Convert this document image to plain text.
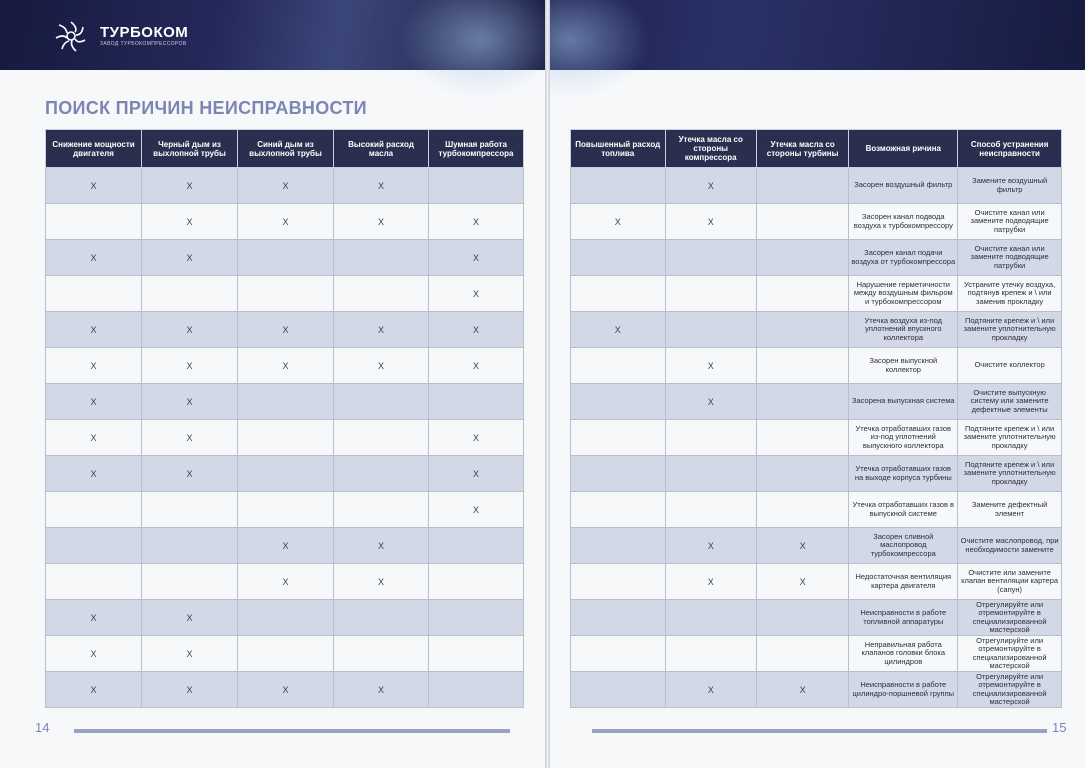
ТУРБОКОМ
ЗАВОД ТУРБОКОМПРЕССОРОВ
ПОИСК ПРИЧИН НЕИСПРАВНОСТИ
Снижение мощности двигателя	Черный дым из выхлопной трубы	Синий дым из выхлопной трубы	Высокий расход масла	Шумная работа турбокомпрессора
X	X	X	X	
	X	X	X	X
X	X			X
				X
X	X	X	X	X
X	X	X	X	X
X	X			
X	X			X
X	X			X
				X
		X	X	
		X	X	
X	X			
X	X			
X	X	X	X	
14
Повышенный расход топлива	Утечка масла со стороны компрессора	Утечка масла со стороны турбины	Возможная ричина	Способ устранения неисправности
	X		Засорен воздушный фильтр	Замените воздушный фильтр
X	X		Засорен канал подвода воздуха к турбокомпрессору	Очистите канал или замените подводящие патрубки
			Засорен канал подачи воздуха от турбокомпрессора	Очистите канал или замените подводящие патрубки
			Нарушение герметичности между воздушным фильром и турбокомпрессором	Устраните утечку воздуха, подтянув крепеж и \ или заменив прокладку
X			Утечка воздуха из-под уплотнений впускного коллектора	Подтяните крепеж и \ или замените уплотнительную прокладку
	X		Засорен выпускной коллектор	Очистите коллектор
	X		Засорена выпускная система	Очистите выпускную систему или замените дефектные элементы
			Утечка отработавших газов из-под уплотнений выпускного коллектора	Подтяните крепеж и \ или замените уплотнительную прокладку
			Утечка отработавших газов на выходе корпуса турбины	Подтяните крепеж и \ или замените уплотнительную прокладку
			Утечка отработавших газов в выпускной системе	Замените дефектный элемент
	X	X	Засорен сливной маслопровод турбокомпрессора	Очистите маслопровод, при необходимости замените
	X	X	Недостаточная вентиляция картера двигателя	Очистите или замените клапан вентиляции картера (сапун)
			Неисправности в работе топливной аппаратуры	Отрегулируйте или отремонтируйте в специализированной мастерской
			Неправильная работа клапанов головки блока цилиндров	Отрегулируйте или отремонтируйте в специализированной мастерской
	X	X	Неисправности в работе цилиндро-поршневой группы	Отрегулируйте или отремонтируйте в специализированной мастерской
15
